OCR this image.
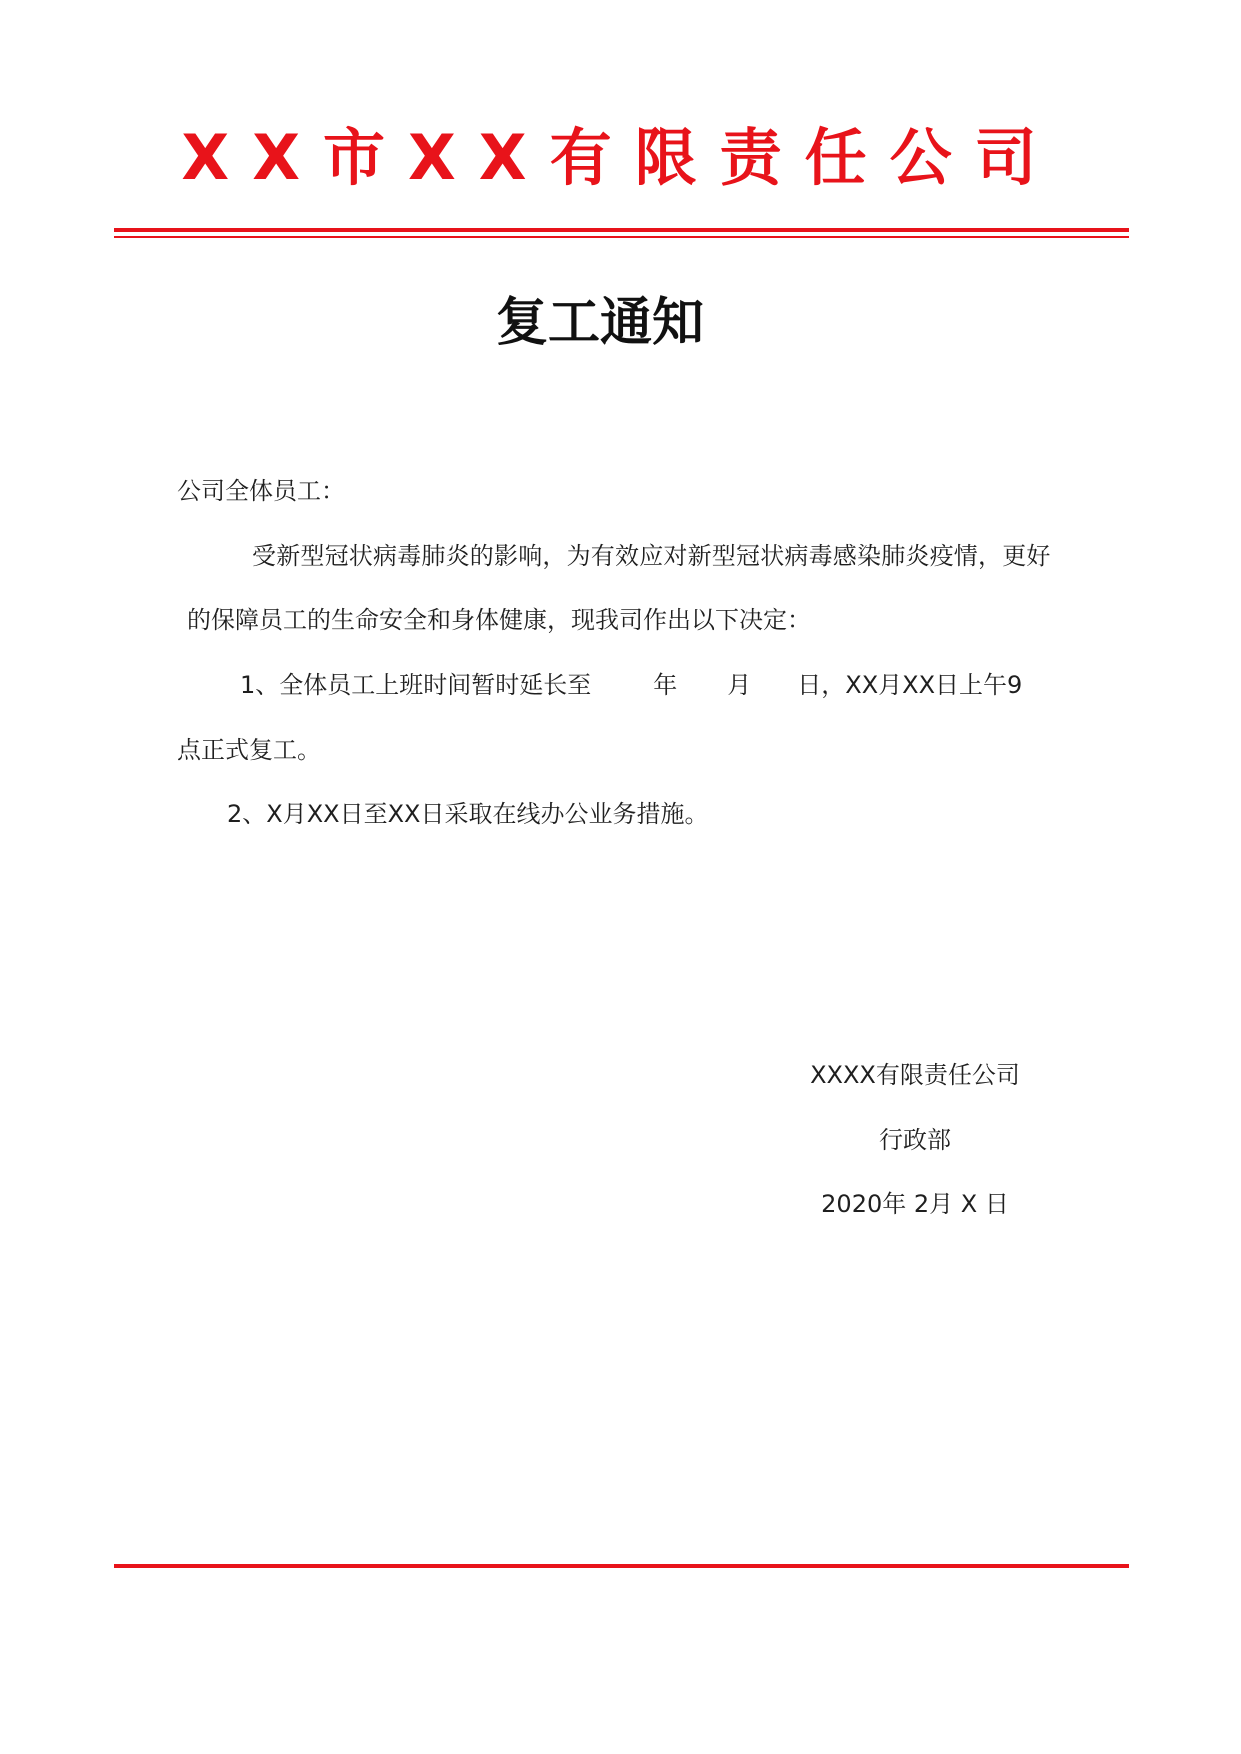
XX市XX有限责任公司
复工通知
公司全体员工：
受新型冠状病毒肺炎的影响，为有效应对新型冠状病毒感染肺炎疫情，更好
的保障员工的生命安全和身体健康，现我司作出以下决定：
1、全体员工上班时间暂时延长至	年 月 日，XX月XX日上午9
点正式复工。
2、X月XX日至XX日采取在线办公业务措施。
XXXX有限责任公司
行政部
2020年 2月 X 日
